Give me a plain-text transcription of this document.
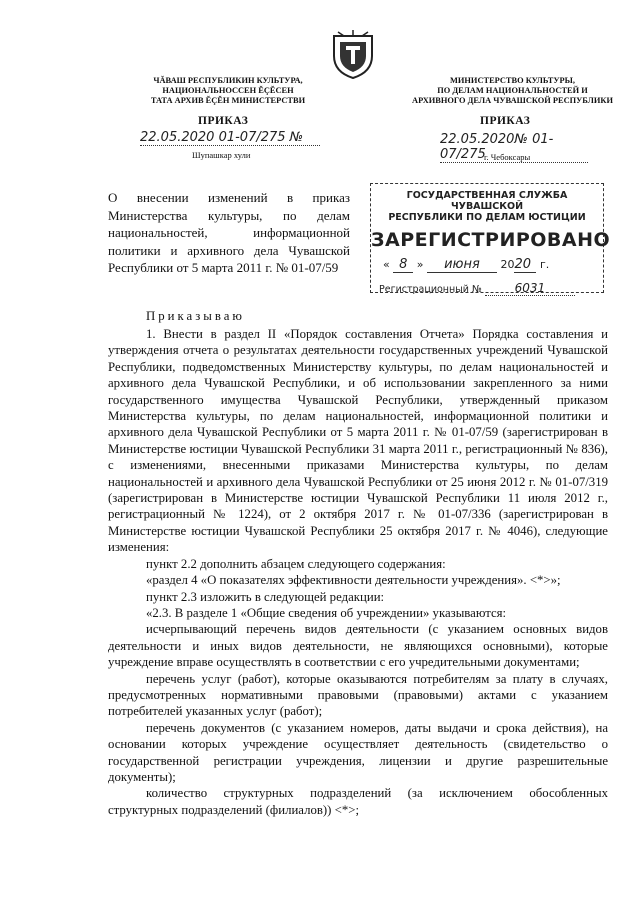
ЧĂВАШ РЕСПУБЛИКИН КУЛЬТУРА,
НАЦИОНАЛЬНОССЕН ĔÇĔСЕН
ТАТА АРХИВ ĔÇĔН МИНИСТЕРСТВИ
ПРИКАЗ
22.05.2020 01-07/275 №
Шупашкар хули
МИНИСТЕРСТВО КУЛЬТУРЫ,
ПО ДЕЛАМ НАЦИОНАЛЬНОСТЕЙ И
АРХИВНОГО ДЕЛА ЧУВАШСКОЙ РЕСПУБЛИКИ
ПРИКАЗ
22.05.2020№ 01-07/275
г. Чебоксары
О внесении изменений в приказ Министерства культуры, по делам национальностей, информационной политики и архивного дела Чувашской Республики от 5 марта 2011 г. № 01-07/59
ГОСУДАРСТВЕННАЯ СЛУЖБА ЧУВАШСКОЙ
РЕСПУБЛИКИ ПО ДЕЛАМ ЮСТИЦИИ
ЗАРЕГИСТРИРОВАНО
« 8 » июня 2020 г.
Регистрационный №	6031
Приказываю

1. Внести в раздел II «Порядок составления Отчета» Порядка составления и утверждения отчета о результатах деятельности государственных учреждений Чувашской Республики, подведомственных Министерству культуры, по делам национальностей и архивного дела Чувашской Республики, и об использовании закрепленного за ними государственного имущества Чувашской Республики, утвержденный приказом Министерства культуры, по делам национальностей, информационной политики и архивного дела Чувашской Республики от 5 марта 2011 г. № 01-07/59 (зарегистрирован в Министерстве юстиции Чувашской Республики 31 марта 2011 г., регистрационный № 836), с изменениями, внесенными приказами Министерства культуры, по делам национальностей и архивного дела Чувашской Республики от 25 июня 2012 г. № 01-07/319 (зарегистрирован в Министерстве юстиции Чувашской Республики 11 июля 2012 г., регистрационный № 1224), от 2 октября 2017 г. № 01-07/336 (зарегистрирован в Министерстве юстиции Чувашской Республики 25 октября 2017 г. № 4046), следующие изменения:

пункт 2.2 дополнить абзацем следующего содержания:

«раздел 4 «О показателях эффективности деятельности учреждения». <*>»;

пункт 2.3 изложить в следующей редакции:

«2.3. В разделе 1 «Общие сведения об учреждении» указываются:

исчерпывающий перечень видов деятельности (с указанием основных видов деятельности и иных видов деятельности, не являющихся основными), которые учреждение вправе осуществлять в соответствии с его учредительными документами;

перечень услуг (работ), которые оказываются потребителям за плату в случаях, предусмотренных нормативными правовыми (правовыми) актами с указанием потребителей указанных услуг (работ);

перечень документов (с указанием номеров, даты выдачи и срока действия), на основании которых учреждение осуществляет деятельность (свидетельство о государственной регистрации учреждения, лицензии и другие разрешительные документы);

количество структурных подразделений (за исключением обособленных структурных подразделений (филиалов)) <*>;
